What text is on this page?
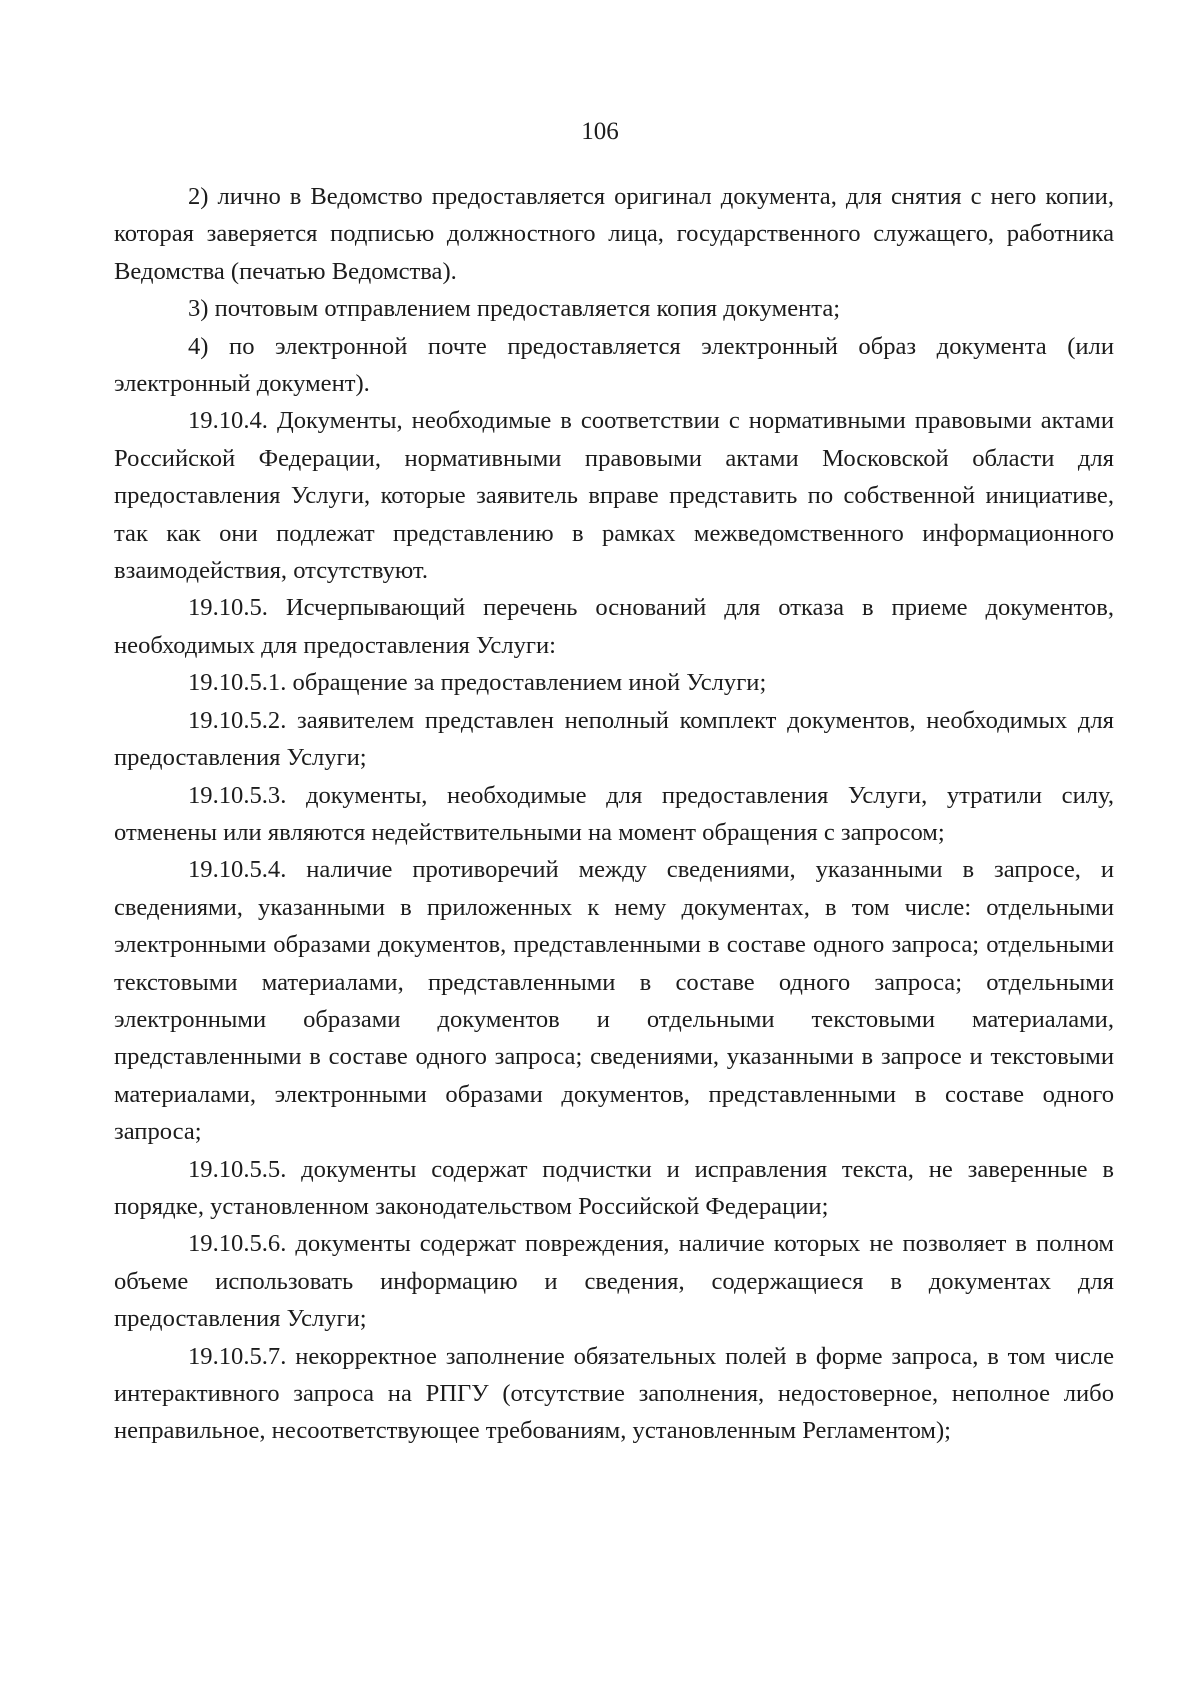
106

2) лично в Ведомство предоставляется оригинал документа, для снятия с него копии, которая заверяется подписью должностного лица, государственного служащего, работника Ведомства (печатью Ведомства).

3) почтовым отправлением предоставляется копия документа;

4) по электронной почте предоставляется электронный образ документа (или электронный документ).

19.10.4. Документы, необходимые в соответствии с нормативными правовыми актами Российской Федерации, нормативными правовыми актами Московской области для предоставления Услуги, которые заявитель вправе представить по собственной инициативе, так как они подлежат представлению в рамках межведомственного информационного взаимодействия, отсутствуют.

19.10.5. Исчерпывающий перечень оснований для отказа в приеме документов, необходимых для предоставления Услуги:

19.10.5.1. обращение за предоставлением иной Услуги;

19.10.5.2. заявителем представлен неполный комплект документов, необходимых для предоставления Услуги;

19.10.5.3. документы, необходимые для предоставления Услуги, утратили силу, отменены или являются недействительными на момент обращения с запросом;

19.10.5.4. наличие противоречий между сведениями, указанными в запросе, и сведениями, указанными в приложенных к нему документах, в том числе: отдельными электронными образами документов, представленными в составе одного запроса; отдельными текстовыми материалами, представленными в составе одного запроса; отдельными электронными образами документов и отдельными текстовыми материалами, представленными в составе одного запроса; сведениями, указанными в запросе и текстовыми материалами, электронными образами документов, представленными в составе одного запроса;

19.10.5.5. документы содержат подчистки и исправления текста, не заверенные в порядке, установленном законодательством Российской Федерации;

19.10.5.6. документы содержат повреждения, наличие которых не позволяет в полном объеме использовать информацию и сведения, содержащиеся в документах для предоставления Услуги;

19.10.5.7. некорректное заполнение обязательных полей в форме запроса, в том числе интерактивного запроса на РПГУ (отсутствие заполнения, недостоверное, неполное либо неправильное, несоответствующее требованиям, установленным Регламентом);
